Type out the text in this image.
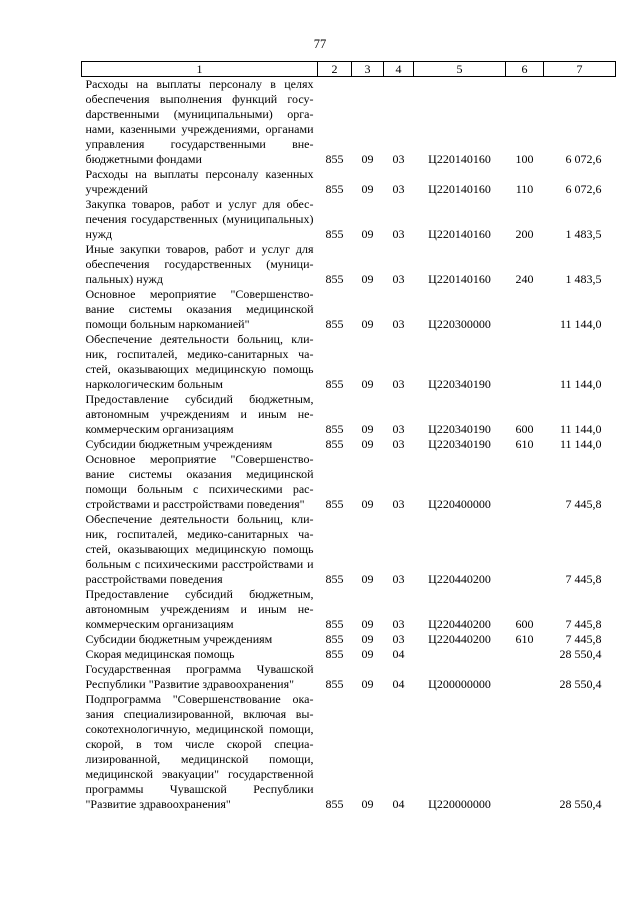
77
1	2	3	4	5	6	7
Расходы на выплаты персоналу в целях обеспечения выполнения функций госуdарственными (муниципальными) органами, казенными учреждениями, органами управления государственными внебюджетными фондами	855	09	03	Ц220140160	100	6 072,6
Расходы на выплаты персоналу казенных учреждений	855	09	03	Ц220140160	110	6 072,6
Закупка товаров, работ и услуг для обеспечения государственных (муниципальных) нужд	855	09	03	Ц220140160	200	1 483,5
Иные закупки товаров, работ и услуг для обеспечения государственных (муниципальных) нужд	855	09	03	Ц220140160	240	1 483,5
Основное мероприятие "Совершенствование системы оказания медицинской помощи больным наркоманией"	855	09	03	Ц220300000		11 144,0
Обеспечение деятельности больниц, клиник, госпиталей, медико-санитарных частей, оказывающих медицинскую помощь наркологическим больным	855	09	03	Ц220340190		11 144,0
Предоставление субсидий бюджетным, автономным учреждениям и иным некоммерческим организациям	855	09	03	Ц220340190	600	11 144,0
Субсидии бюджетным учреждениям	855	09	03	Ц220340190	610	11 144,0
Основное мероприятие "Совершенствование системы оказания медицинской помощи больным с психическими расстройствами и расстройствами поведения"	855	09	03	Ц220400000		7 445,8
Обеспечение деятельности больниц, клиник, госпиталей, медико-санитарных частей, оказывающих медицинскую помощь больным с психическими расстройствами и расстройствами поведения	855	09	03	Ц220440200		7 445,8
Предоставление субсидий бюджетным, автономным учреждениям и иным некоммерческим организациям	855	09	03	Ц220440200	600	7 445,8
Субсидии бюджетным учреждениям	855	09	03	Ц220440200	610	7 445,8
Скорая медицинская помощь	855	09	04			28 550,4
Государственная программа Чувашской Республики "Развитие здравоохранения"	855	09	04	Ц200000000		28 550,4
Подпрограмма "Совершенствование оказания специализированной, включая высокотехнологичную, медицинской помощи, скорой, в том числе скорой специализированной, медицинской помощи, медицинской эвакуации" государственной программы Чувашской Республики "Развитие здравоохранения"	855	09	04	Ц220000000		28 550,4
